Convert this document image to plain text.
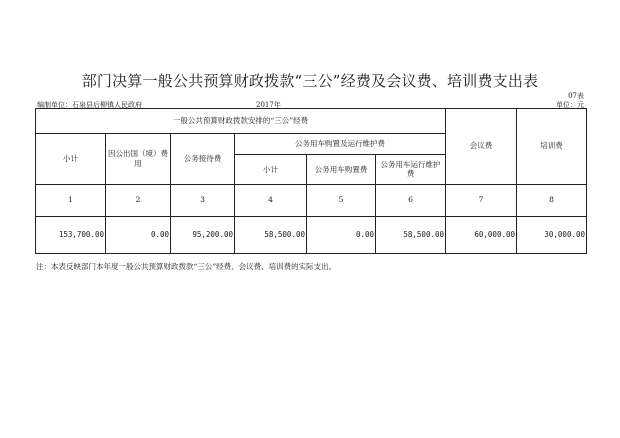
部门决算一般公共预算财政拨款“三公”经费及会议费、培训费支出表
07表
编制单位：石泉县后柳镇人民政府	2017年	单位：元
一般公共预算财政拨款安排的“三公”经费						会议费	培训费
小计	因公出国（境）费用	公务接待费	公务用车购置及运行维护费				
			小计	公务用车购置费	公务用车运行维护费		
1	2	3	4	5	6	7	8
153,700.00	0.00	95,200.00	58,500.00	0.00	58,500.00	60,000.00	30,000.00
注：本表反映部门本年度一般公共预算财政拨款“三公”经费、会议费、培训费的实际支出。
